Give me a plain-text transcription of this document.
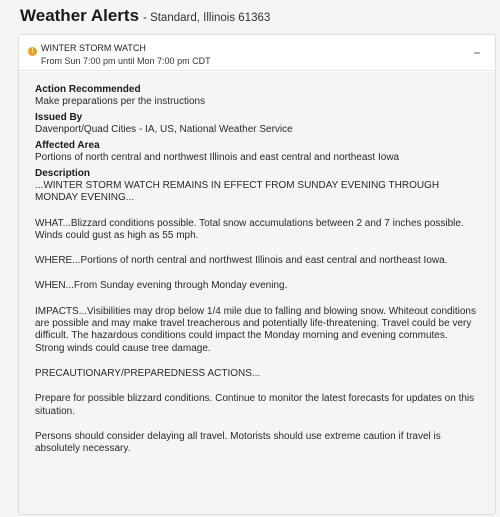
Weather Alerts - Standard, Illinois 61363
! WINTER STORM WATCH
From Sun 7:00 pm until Mon 7:00 pm CDT
−
Action Recommended
Make preparations per the instructions
Issued By
Davenport/Quad Cities - IA, US, National Weather Service
Affected Area
Portions of north central and northwest Illinois and east central and northeast Iowa
Description
...WINTER STORM WATCH REMAINS IN EFFECT FROM SUNDAY EVENING THROUGH MONDAY EVENING...
WHAT...Blizzard conditions possible. Total snow accumulations between 2 and 7 inches possible. Winds could gust as high as 55 mph.
WHERE...Portions of north central and northwest Illinois and east central and northeast Iowa.
WHEN...From Sunday evening through Monday evening.
IMPACTS...Visibilities may drop below 1/4 mile due to falling and blowing snow. Whiteout conditions are possible and may make travel treacherous and potentially life-threatening. Travel could be very difficult. The hazardous conditions could impact the Monday morning and evening commutes. Strong winds could cause tree damage.
PRECAUTIONARY/PREPAREDNESS ACTIONS...
Prepare for possible blizzard conditions. Continue to monitor the latest forecasts for updates on this situation.
Persons should consider delaying all travel. Motorists should use extreme caution if travel is absolutely necessary.
